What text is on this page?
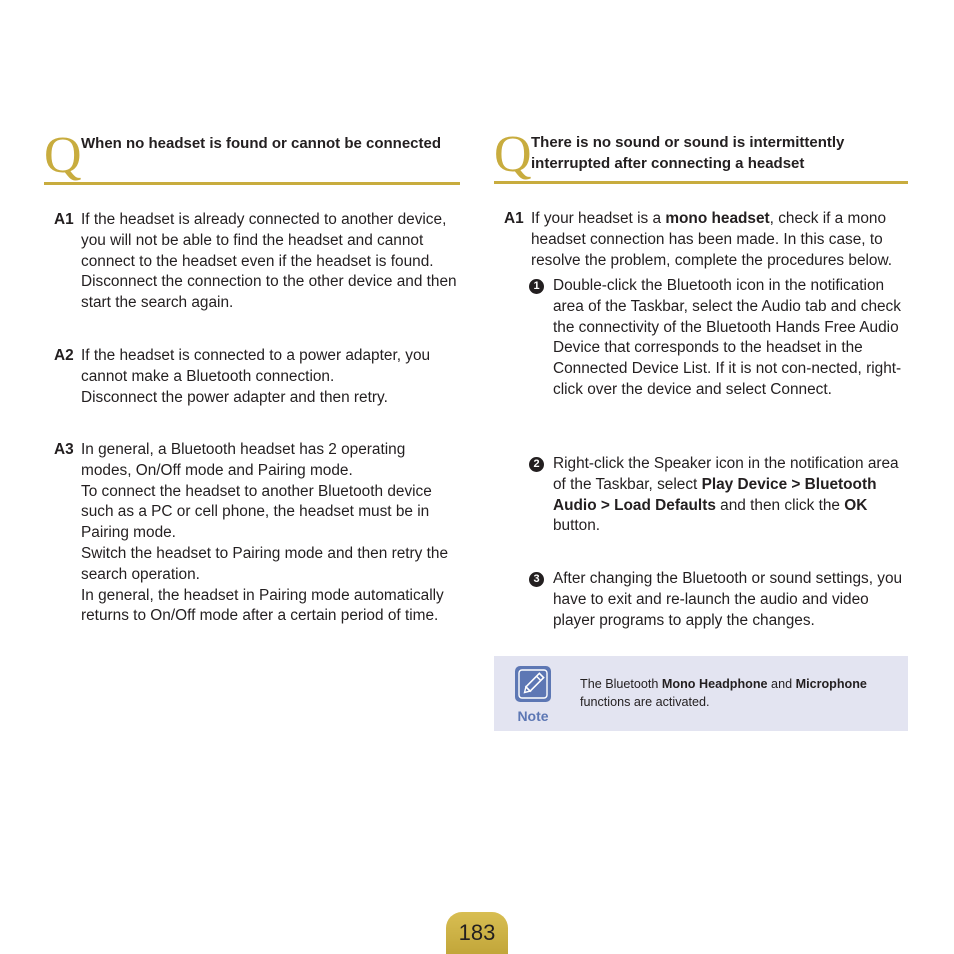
Q When no headset is found or cannot be connected
A1 If the headset is already connected to another device, you will not be able to find the headset and cannot connect to the headset even if the headset is found. Disconnect the connection to the other device and then start the search again.

A2 If the headset is connected to a power adapter, you cannot make a Bluetooth connection.

Disconnect the power adapter and then retry.

A3 In general, a Bluetooth headset has 2 operating modes, On/Off mode and Pairing mode.

To connect the headset to another Bluetooth device such as a PC or cell phone, the headset must be in Pairing mode.

Switch the headset to Pairing mode and then retry the search operation.

In general, the headset in Pairing mode automatically returns to On/Off mode after a certain period of time.

Q There is no sound or sound is intermittently interrupted after connecting a headset
A1 If your headset is a mono headset, check if a mono headset connection has been made. In this case, to resolve the problem, complete the procedures below.
1 Double-click the Bluetooth icon in the notification area of the Taskbar, select the Audio tab and check the connectivity of the Bluetooth Hands Free Audio Device that corresponds to the headset in the Connected Device List. If it is not con-nected, right-click over the device and select Connect.
2 Right-click the Speaker icon in the notification area of the Taskbar, select Play Device > Bluetooth Audio > Load Defaults and then click the OK button.
3 After changing the Bluetooth or sound settings, you have to exit and re-launch the audio and video player programs to apply the changes.
Note
The Bluetooth Mono Headphone and Microphone functions are activated.
183
